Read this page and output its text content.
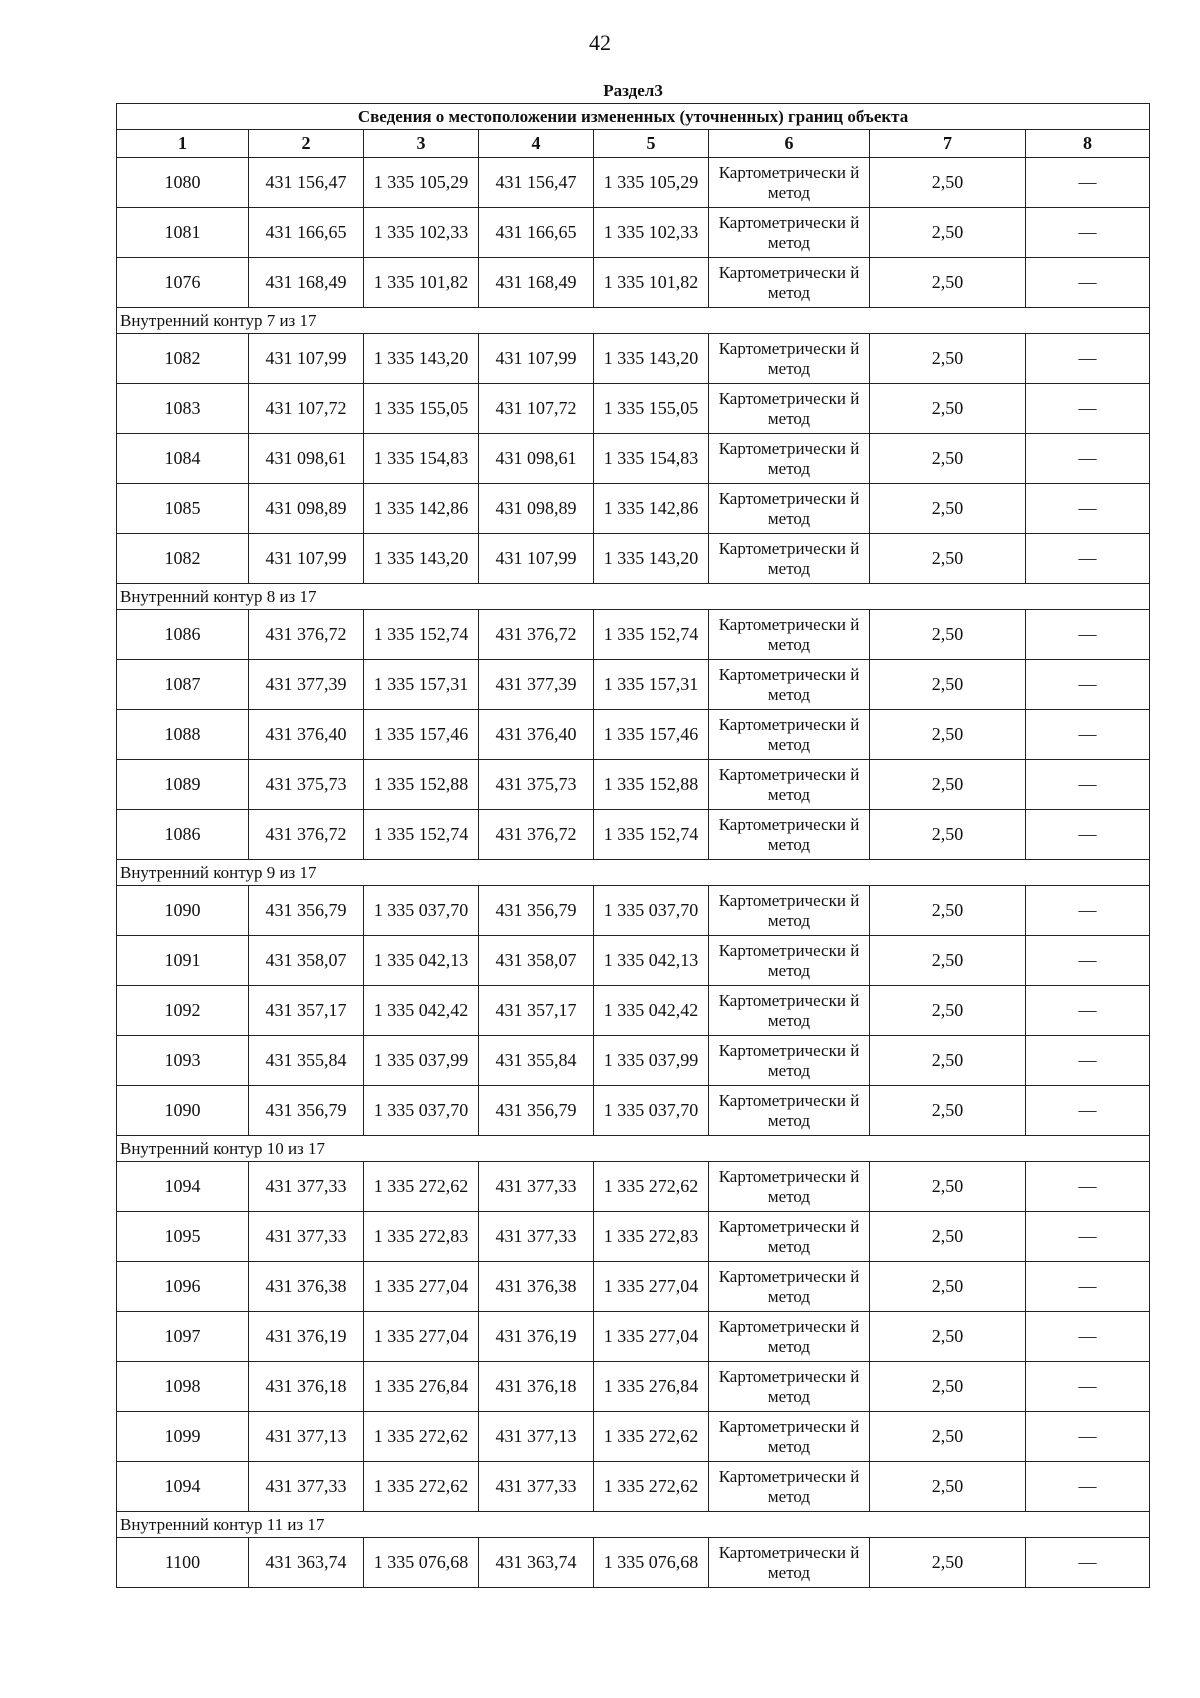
42
Раздел3							
Сведения о местоположении измененных (уточненных) границ объекта							
1	2	3	4	5	6	7	8
1080	431 156,47	1 335 105,29	431 156,47	1 335 105,29	Картометрически й метод	2,50	—
1081	431 166,65	1 335 102,33	431 166,65	1 335 102,33	Картометрически й метод	2,50	—
1076	431 168,49	1 335 101,82	431 168,49	1 335 101,82	Картометрически й метод	2,50	—
Внутренний контур 7 из 17							
1082	431 107,99	1 335 143,20	431 107,99	1 335 143,20	Картометрически й метод	2,50	—
1083	431 107,72	1 335 155,05	431 107,72	1 335 155,05	Картометрически й метод	2,50	—
1084	431 098,61	1 335 154,83	431 098,61	1 335 154,83	Картометрически й метод	2,50	—
1085	431 098,89	1 335 142,86	431 098,89	1 335 142,86	Картометрически й метод	2,50	—
1082	431 107,99	1 335 143,20	431 107,99	1 335 143,20	Картометрически й метод	2,50	—
Внутренний контур 8 из 17							
1086	431 376,72	1 335 152,74	431 376,72	1 335 152,74	Картометрически й метод	2,50	—
1087	431 377,39	1 335 157,31	431 377,39	1 335 157,31	Картометрически й метод	2,50	—
1088	431 376,40	1 335 157,46	431 376,40	1 335 157,46	Картометрически й метод	2,50	—
1089	431 375,73	1 335 152,88	431 375,73	1 335 152,88	Картометрически й метод	2,50	—
1086	431 376,72	1 335 152,74	431 376,72	1 335 152,74	Картометрически й метод	2,50	—
Внутренний контур 9 из 17							
1090	431 356,79	1 335 037,70	431 356,79	1 335 037,70	Картометрически й метод	2,50	—
1091	431 358,07	1 335 042,13	431 358,07	1 335 042,13	Картометрически й метод	2,50	—
1092	431 357,17	1 335 042,42	431 357,17	1 335 042,42	Картометрически й метод	2,50	—
1093	431 355,84	1 335 037,99	431 355,84	1 335 037,99	Картометрически й метод	2,50	—
1090	431 356,79	1 335 037,70	431 356,79	1 335 037,70	Картометрически й метод	2,50	—
Внутренний контур 10 из 17							
1094	431 377,33	1 335 272,62	431 377,33	1 335 272,62	Картометрически й метод	2,50	—
1095	431 377,33	1 335 272,83	431 377,33	1 335 272,83	Картометрически й метод	2,50	—
1096	431 376,38	1 335 277,04	431 376,38	1 335 277,04	Картометрически й метод	2,50	—
1097	431 376,19	1 335 277,04	431 376,19	1 335 277,04	Картометрически й метод	2,50	—
1098	431 376,18	1 335 276,84	431 376,18	1 335 276,84	Картометрически й метод	2,50	—
1099	431 377,13	1 335 272,62	431 377,13	1 335 272,62	Картометрически й метод	2,50	—
1094	431 377,33	1 335 272,62	431 377,33	1 335 272,62	Картометрически й метод	2,50	—
Внутренний контур 11 из 17							
1100	431 363,74	1 335 076,68	431 363,74	1 335 076,68	Картометрически й метод	2,50	—
